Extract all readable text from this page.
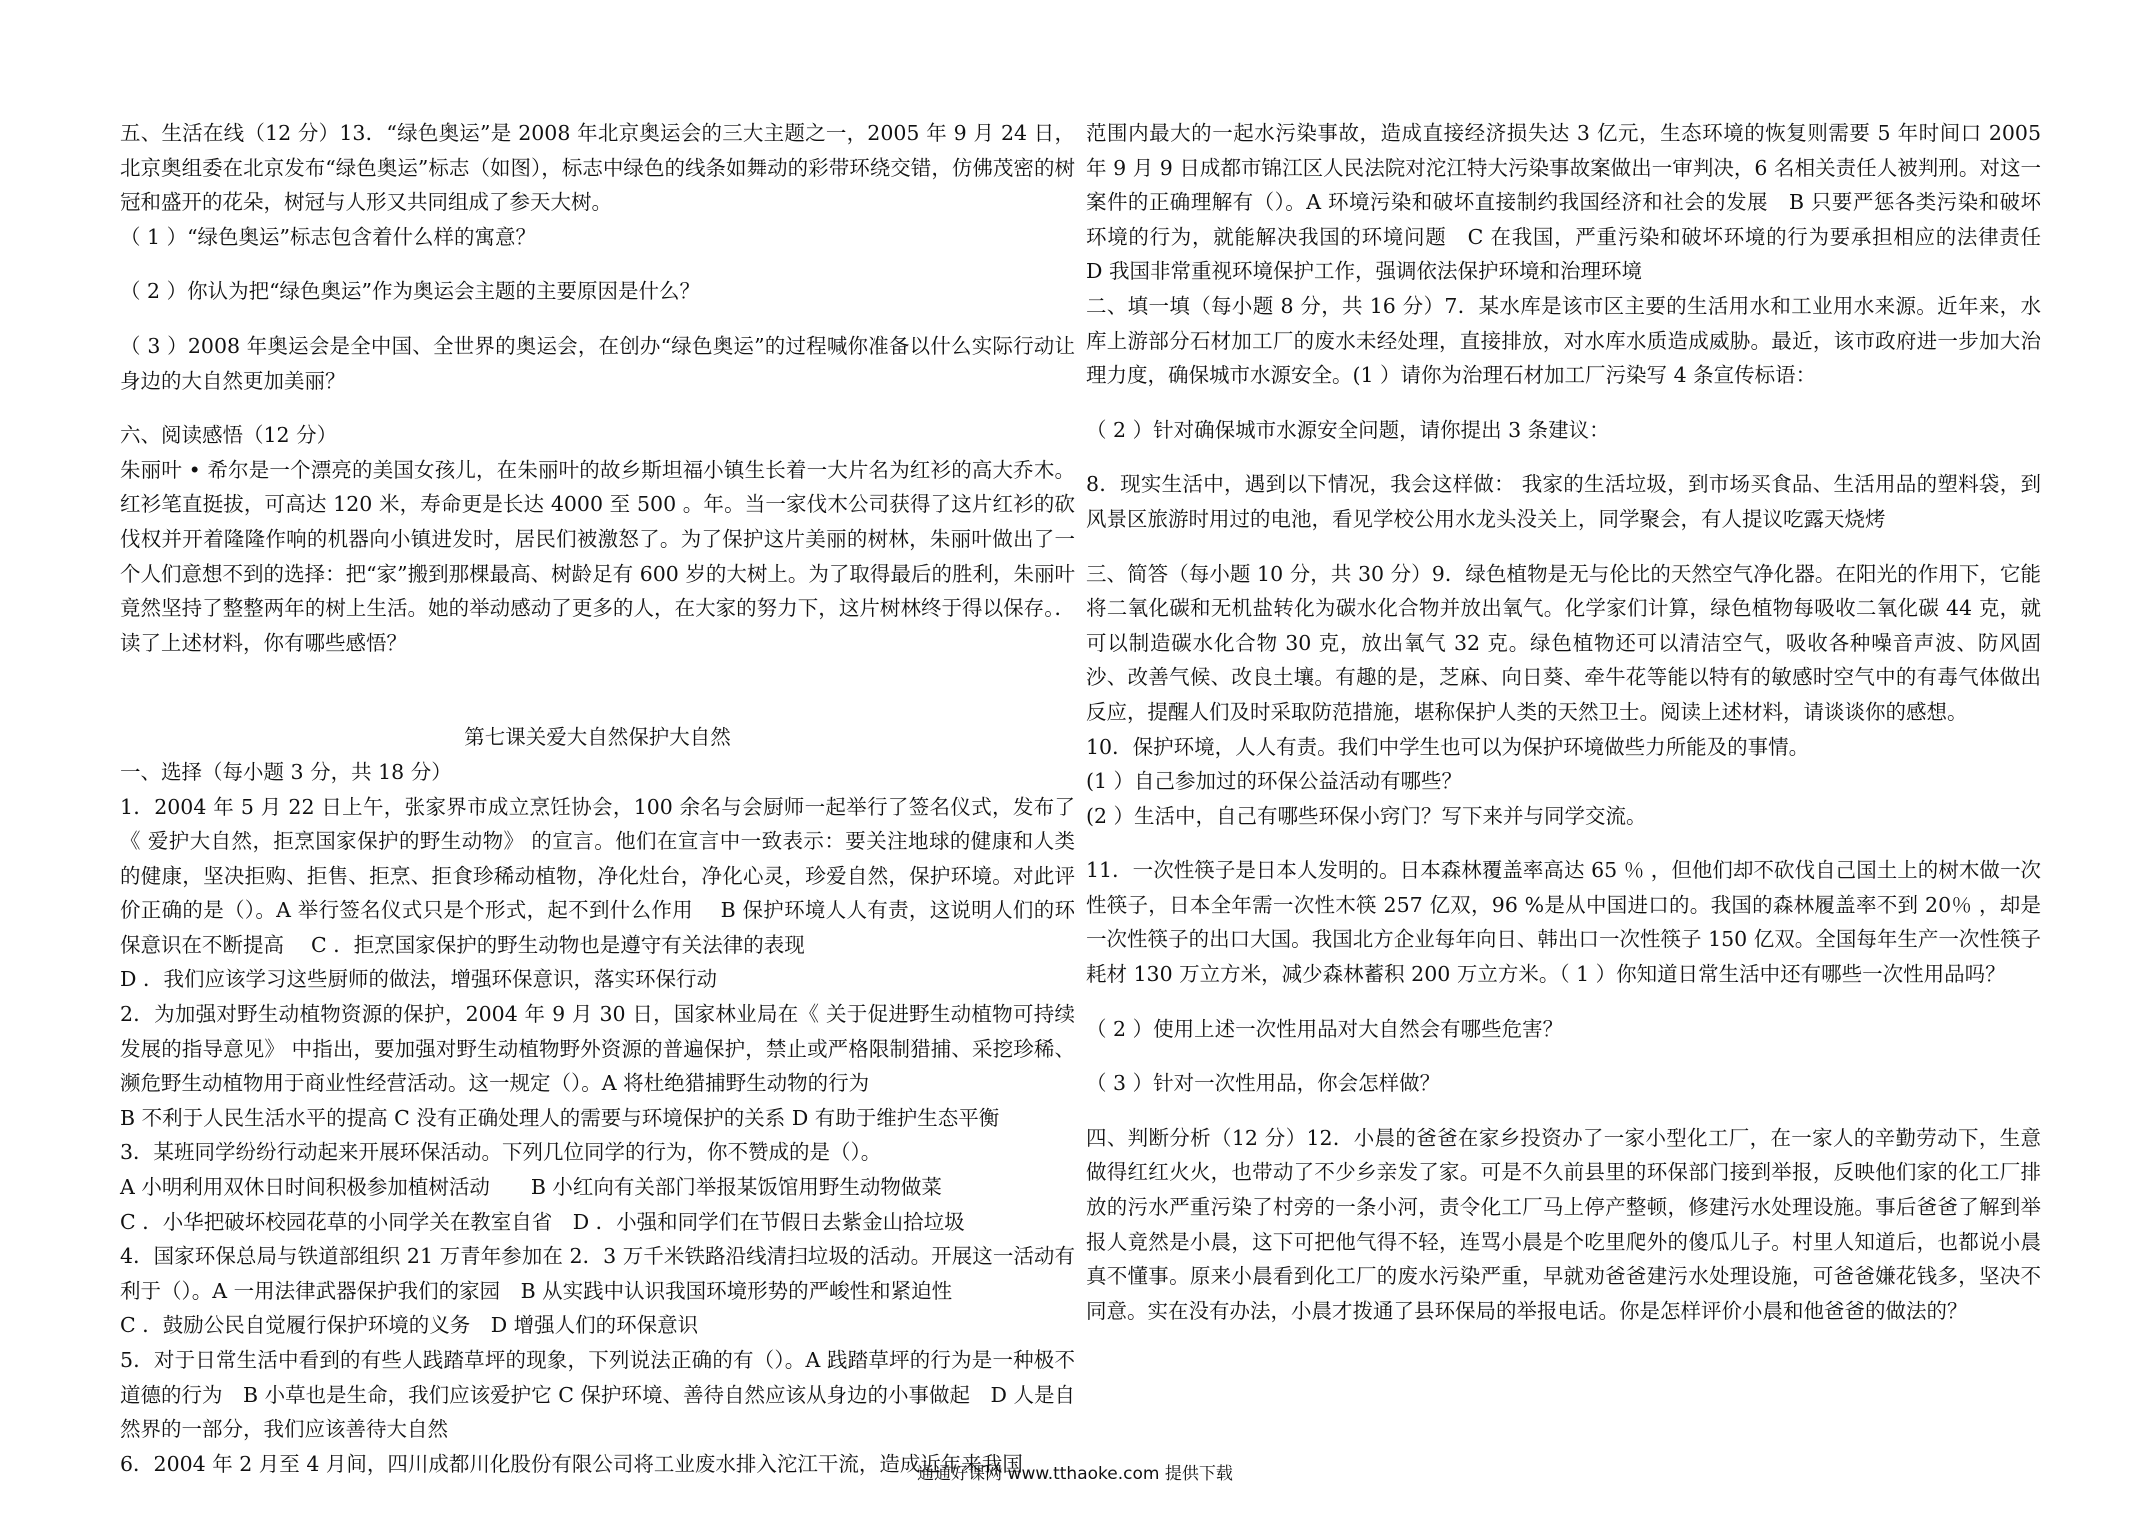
五、生活在线（12 分）13．“绿色奥运”是 2008 年北京奥运会的三大主题之一，2005 年 9 月 24 日，北京奥组委在北京发布“绿色奥运”标志（如图），标志中绿色的线条如舞动的彩带环绕交错，仿佛茂密的树冠和盛开的花朵，树冠与人形又共同组成了参天大树。

（ 1 ）“绿色奥运”标志包含着什么样的寓意？

（ 2 ）你认为把“绿色奥运”作为奥运会主题的主要原因是什么？

（ 3 ）2008 年奥运会是全中国、全世界的奥运会，在创办“绿色奥运”的过程喊你准备以什么实际行动让身边的大自然更加美丽？

六、阅读感悟（12 分）

朱丽叶 • 希尔是一个漂亮的美国女孩儿，在朱丽叶的故乡斯坦福小镇生长着一大片名为红衫的高大乔木。红衫笔直挺拔，可高达 120 米，寿命更是长达 4000 至 500 。年。当一家伐木公司获得了这片红衫的砍伐权并开着隆隆作响的机器向小镇进发时，居民们被激怒了。为了保护这片美丽的树林，朱丽叶做出了一个人们意想不到的选择：把“家”搬到那棵最高、树龄足有 600 岁的大树上。为了取得最后的胜利，朱丽叶竟然坚持了整整两年的树上生活。她的举动感动了更多的人，在大家的努力下，这片树林终于得以保存。．读了上述材料，你有哪些感悟？

第七课关爱大自然保护大自然

一、选择（每小题 3 分，共 18 分）

1．2004 年 5 月 22 日上午，张家界市成立烹饪协会，100 余名与会厨师一起举行了签名仪式，发布了《 爱护大自然，拒烹国家保护的野生动物》 的宣言。他们在宣言中一致表示：要关注地球的健康和人类的健康，坚决拒购、拒售、拒烹、拒食珍稀动植物，净化灶台，净化心灵，珍爱自然，保护环境。对此评价正确的是（）。A 举行签名仪式只是个形式，起不到什么作用　 B 保护环境人人有责，这说明人们的环保意识在不断提高　 C ．拒烹国家保护的野生动物也是遵守有关法律的表现

D ．我们应该学习这些厨师的做法，增强环保意识，落实环保行动

2．为加强对野生动植物资源的保护，2004 年 9 月 30 日，国家林业局在《 关于促进野生动植物可持续发展的指导意见》 中指出，要加强对野生动植物野外资源的普遍保护，禁止或严格限制猎捕、采挖珍稀、濒危野生动植物用于商业性经营活动。这一规定（）。A 将杜绝猎捕野生动物的行为

B 不利于人民生活水平的提高 C 没有正确处理人的需要与环境保护的关系 D 有助于维护生态平衡

3．某班同学纷纷行动起来开展环保活动。下列几位同学的行为，你不赞成的是（）。

A 小明利用双休日时间积极参加植树活动　　B 小红向有关部门举报某饭馆用野生动物做菜

C ．小华把破坏校园花草的小同学关在教室自省　D ．小强和同学们在节假日去紫金山拾垃圾

4．国家环保总局与铁道部组织 21 万青年参加在 2．3 万千米铁路沿线清扫垃圾的活动。开展这一活动有利于（）。A 一用法律武器保护我们的家园　B 从实践中认识我国环境形势的严峻性和紧迫性

C ．鼓励公民自觉履行保护环境的义务　D 增强人们的环保意识

5．对于日常生活中看到的有些人践踏草坪的现象，下列说法正确的有（）。A 践踏草坪的行为是一种极不道德的行为　B 小草也是生命，我们应该爱护它 C 保护环境、善待自然应该从身边的小事做起　D 人是自然界的一部分，我们应该善待大自然

6．2004 年 2 月至 4 月间，四川成都川化股份有限公司将工业废水排入沱江干流，造成近年来我国

范围内最大的一起水污染事故，造成直接经济损失达 3 亿元，生态环境的恢复则需要 5 年时间口 2005 年 9 月 9 日成都市锦江区人民法院对沱江特大污染事故案做出一审判决，6 名相关责任人被判刑。对这一案件的正确理解有（）。A 环境污染和破坏直接制约我国经济和社会的发展　B 只要严惩各类污染和破坏环境的行为，就能解决我国的环境问题　C 在我国，严重污染和破坏环境的行为要承担相应的法律责任　D 我国非常重视环境保护工作，强调依法保护环境和治理环境

二、填一填（每小题 8 分，共 16 分）7．某水库是该市区主要的生活用水和工业用水来源。近年来，水库上游部分石材加工厂的废水未经处理，直接排放，对水库水质造成威胁。最近，该市政府进一步加大治理力度，确保城市水源安全。(1 ）请你为治理石材加工厂污染写 4 条宣传标语：

（ 2 ）针对确保城市水源安全问题，请你提出 3 条建议：

8．现实生活中，遇到以下情况，我会这样做： 我家的生活垃圾，到市场买食品、生活用品的塑料袋，到风景区旅游时用过的电池，看见学校公用水龙头没关上，同学聚会，有人提议吃露天烧烤

三、简答（每小题 10 分，共 30 分）9．绿色植物是无与伦比的天然空气净化器。在阳光的作用下，它能将二氧化碳和无机盐转化为碳水化合物并放出氧气。化学家们计算，绿色植物每吸收二氧化碳 44 克，就可以制造碳水化合物 30 克，放出氧气 32 克。绿色植物还可以清洁空气，吸收各种噪音声波、防风固沙、改善气候、改良土壤。有趣的是，芝麻、向日葵、牵牛花等能以特有的敏感时空气中的有毒气体做出反应，提醒人们及时采取防范措施，堪称保护人类的天然卫士。阅读上述材料，请谈谈你的感想。

10．保护环境，人人有责。我们中学生也可以为保护环境做些力所能及的事情。

(1 ）自己参加过的环保公益活动有哪些？

(2 ）生活中，自己有哪些环保小窍门？写下来并与同学交流。

11．一次性筷子是日本人发明的。日本森林覆盖率高达 65 ％ ，但他们却不砍伐自己国土上的树木做一次性筷子，日本全年需一次性木筷 257 亿双，96 %是从中国进口的。我国的森林履盖率不到 20％ ，却是一次性筷子的出口大国。我国北方企业每年向日、韩出口一次性筷子 150 亿双。全国每年生产一次性筷子耗材 130 万立方米，减少森林蓄积 200 万立方米。（ 1 ）你知道日常生活中还有哪些一次性用品吗？

（ 2 ）使用上述一次性用品对大自然会有哪些危害？

（ 3 ）针对一次性用品，你会怎样做？

四、判断分析（12 分）12．小晨的爸爸在家乡投资办了一家小型化工厂，在一家人的辛勤劳动下，生意做得红红火火，也带动了不少乡亲发了家。可是不久前县里的环保部门接到举报，反映他们家的化工厂排放的污水严重污染了村旁的一条小河，责令化工厂马上停产整顿，修建污水处理设施。事后爸爸了解到举报人竟然是小晨，这下可把他气得不轻，连骂小晨是个吃里爬外的傻瓜儿子。村里人知道后，也都说小晨真不懂事。原来小晨看到化工厂的废水污染严重，早就劝爸爸建污水处理设施，可爸爸嫌花钱多，坚决不同意。实在没有办法，小晨才拨通了县环保局的举报电话。你是怎样评价小晨和他爸爸的做法的？

通通好课网 www.tthaoke.com 提供下载
